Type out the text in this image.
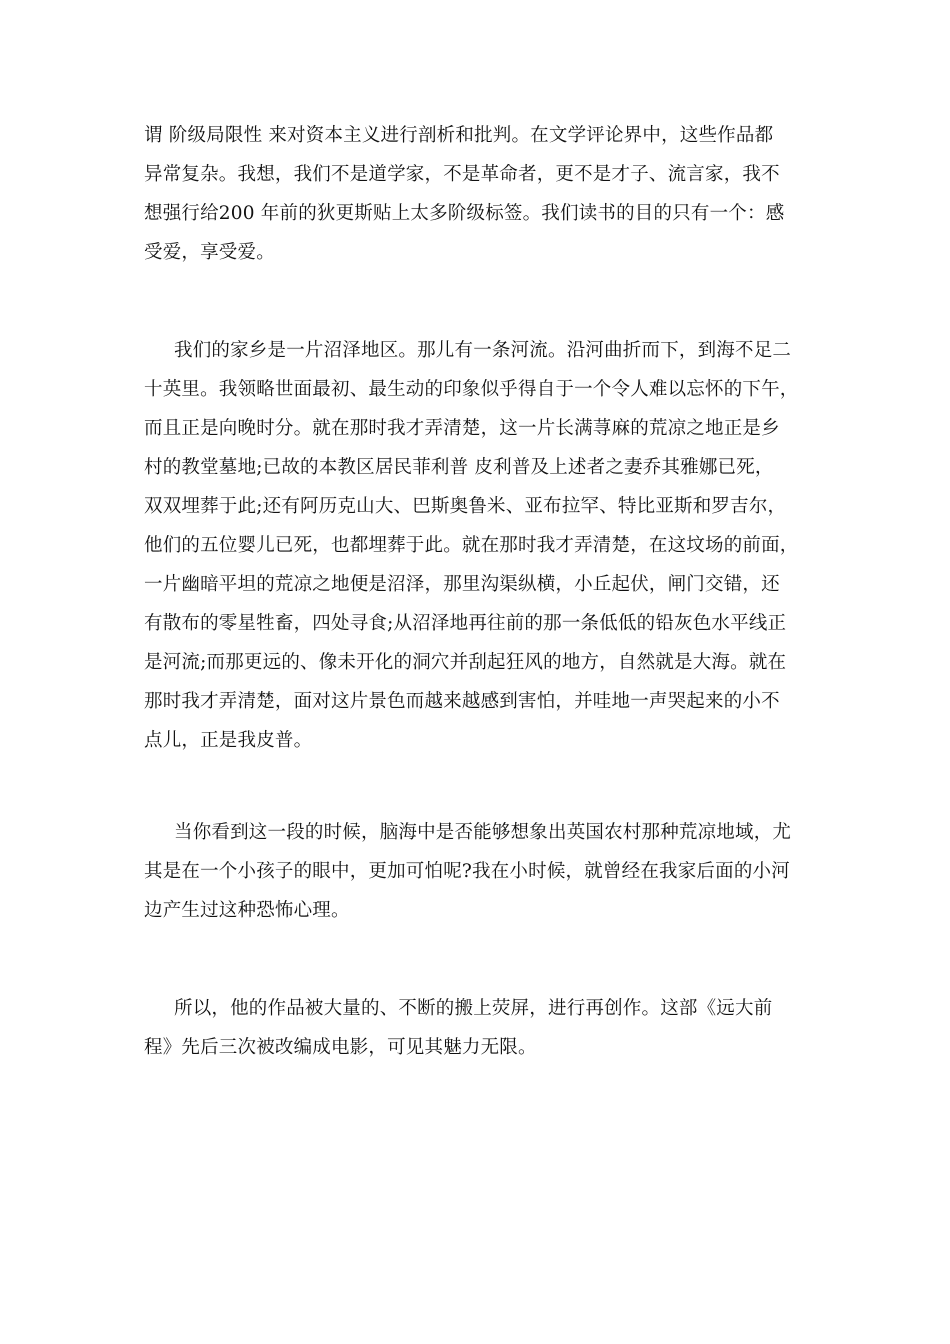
谓 阶级局限性 来对资本主义进行剖析和批判。在文学评论界中，这些作品都
异常复杂。我想，我们不是道学家，不是革命者，更不是才子、流言家，我不
想强行给200 年前的狄更斯贴上太多阶级标签。我们读书的目的只有一个：感
受爱，享受爱。
我们的家乡是一片沼泽地区。那儿有一条河流。沿河曲折而下，到海不足二
十英里。我领略世面最初、最生动的印象似乎得自于一个令人难以忘怀的下午，
而且正是向晚时分。就在那时我才弄清楚，这一片长满荨麻的荒凉之地正是乡
村的教堂墓地;已故的本教区居民菲利普 皮利普及上述者之妻乔其雅娜已死，
双双埋葬于此;还有阿历克山大、巴斯奥鲁米、亚布拉罕、特比亚斯和罗吉尔，
他们的五位婴儿已死，也都埋葬于此。就在那时我才弄清楚，在这坟场的前面，
一片幽暗平坦的荒凉之地便是沼泽，那里沟渠纵横，小丘起伏，闸门交错，还
有散布的零星牲畜，四处寻食;从沼泽地再往前的那一条低低的铅灰色水平线正
是河流;而那更远的、像未开化的洞穴并刮起狂风的地方，自然就是大海。就在
那时我才弄清楚，面对这片景色而越来越感到害怕，并哇地一声哭起来的小不
点儿，正是我皮普。
当你看到这一段的时候，脑海中是否能够想象出英国农村那种荒凉地域，尤
其是在一个小孩子的眼中，更加可怕呢?我在小时候，就曾经在我家后面的小河
边产生过这种恐怖心理。
所以，他的作品被大量的、不断的搬上荧屏，进行再创作。这部《远大前
程》先后三次被改编成电影，可见其魅力无限。
